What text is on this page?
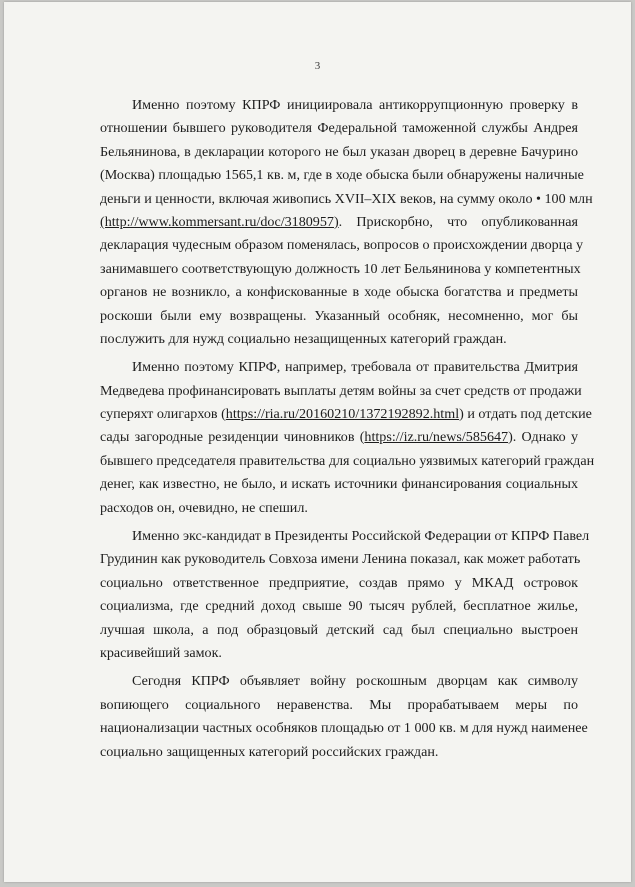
3
Именно поэтому КПРФ инициировала антикоррупционную проверку в
отношении бывшего руководителя Федеральной таможенной службы Андрея
Бельянинова, в декларации которого не был указан дворец в деревне Бачурино
(Москва) площадью 1565,1 кв. м, где в ходе обыска были обнаружены наличные
деньги и ценности, включая живопись XVII–XIX веков, на сумму около • 100 млн
(http://www.kommersant.ru/doc/3180957). Прискорбно, что опубликованная
декларация чудесным образом поменялась, вопросов о происхождении дворца у
занимавшего соответствующую должность 10 лет Бельянинова у компетентных
органов не возникло, а конфискованные в ходе обыска богатства и предметы
роскоши были ему возвращены. Указанный особняк, несомненно, мог бы
послужить для нужд социально незащищенных категорий граждан.
Именно поэтому КПРФ, например, требовала от правительства Дмитрия
Медведева профинансировать выплаты детям войны за счет средств от продажи
суперяхт олигархов (https://ria.ru/20160210/1372192892.html) и отдать под детские
сады загородные резиденции чиновников (https://iz.ru/news/585647). Однако у
бывшего председателя правительства для социально уязвимых категорий граждан
денег, как известно, не было, и искать источники финансирования социальных
расходов он, очевидно, не спешил.
Именно экс-кандидат в Президенты Российской Федерации от КПРФ Павел
Грудинин как руководитель Совхоза имени Ленина показал, как может работать
социально ответственное предприятие, создав прямо у МКАД островок
социализма, где средний доход свыше 90 тысяч рублей, бесплатное жилье,
лучшая школа, а под образцовый детский сад был специально выстроен
красивейший замок.
Сегодня КПРФ объявляет войну роскошным дворцам как символу
вопиющего социального неравенства. Мы прорабатываем меры по
национализации частных особняков площадью от 1 000 кв. м для нужд наименее
социально защищенных категорий российских граждан.
